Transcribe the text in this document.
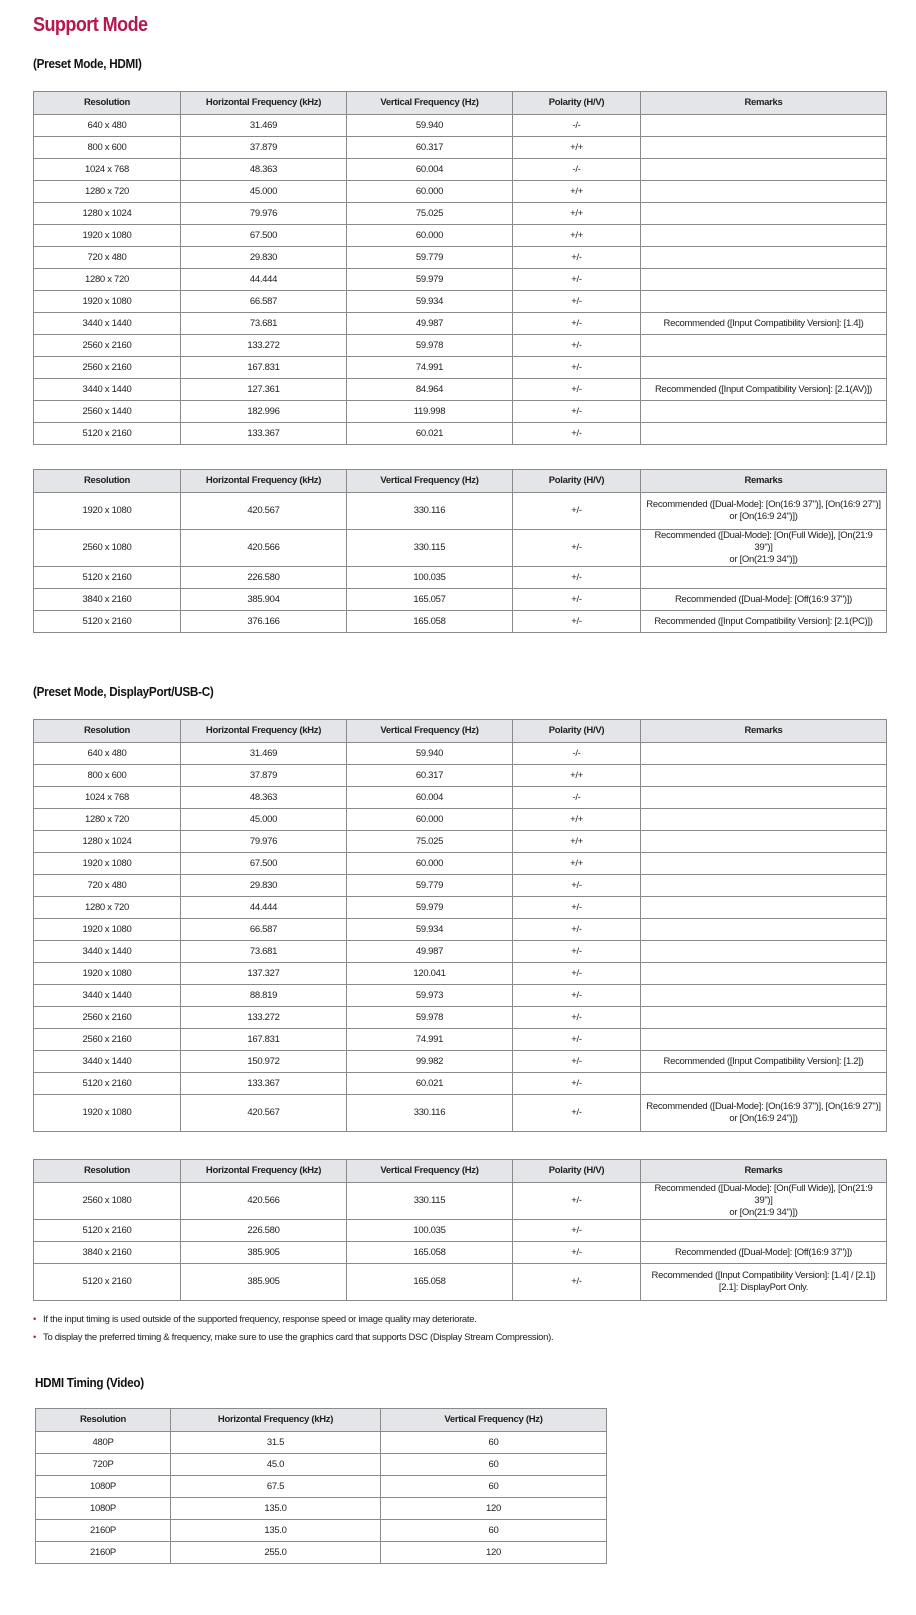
Support Mode
(Preset Mode, HDMI)
Resolution	Horizontal Frequency (kHz)	Vertical Frequency (Hz)	Polarity (H/V)	Remarks
640 x 480	31.469	59.940	-/-	

800 x 600	37.879	60.317	+/+	

1024 x 768	48.363	60.004	-/-	

1280 x 720	45.000	60.000	+/+	

1280 x 1024	79.976	75.025	+/+	

1920 x 1080	67.500	60.000	+/+	

720 x 480	29.830	59.779	+/-	

1280 x 720	44.444	59.979	+/-	

1920 x 1080	66.587	59.934	+/-	

3440 x 1440	73.681	49.987	+/-	Recommended ([Input Compatibility Version]: [1.4])

2560 x 2160	133.272	59.978	+/-	

2560 x 2160	167.831	74.991	+/-	

3440 x 1440	127.361	84.964	+/-	Recommended ([Input Compatibility Version]: [2.1(AV)])

2560 x 1440	182.996	119.998	+/-	

5120 x 2160	133.367	60.021	+/-	
Resolution	Horizontal Frequency (kHz)	Vertical Frequency (Hz)	Polarity (H/V)	Remarks
1920 x 1080	420.567	330.116	+/-	Recommended ([Dual-Mode]: [On(16:9 37")], [On(16:9 27")]
or [On(16:9 24")])

2560 x 1080	420.566	330.115	+/-	Recommended ([Dual-Mode]: [On(Full Wide)], [On(21:9 39")]
or [On(21:9 34")])

5120 x 2160	226.580	100.035	+/-	

3840 x 2160	385.904	165.057	+/-	Recommended ([Dual-Mode]: [Off(16:9 37")])

5120 x 2160	376.166	165.058	+/-	Recommended ([Input Compatibility Version]: [2.1(PC)])
(Preset Mode, DisplayPort/USB-C)
Resolution	Horizontal Frequency (kHz)	Vertical Frequency (Hz)	Polarity (H/V)	Remarks
640 x 480	31.469	59.940	-/-	

800 x 600	37.879	60.317	+/+	

1024 x 768	48.363	60.004	-/-	

1280 x 720	45.000	60.000	+/+	

1280 x 1024	79.976	75.025	+/+	

1920 x 1080	67.500	60.000	+/+	

720 x 480	29.830	59.779	+/-	

1280 x 720	44.444	59.979	+/-	

1920 x 1080	66.587	59.934	+/-	

3440 x 1440	73.681	49.987	+/-	

1920 x 1080	137.327	120.041	+/-	

3440 x 1440	88.819	59.973	+/-	

2560 x 2160	133.272	59.978	+/-	

2560 x 2160	167.831	74.991	+/-	

3440 x 1440	150.972	99.982	+/-	Recommended ([Input Compatibility Version]: [1.2])

5120 x 2160	133.367	60.021	+/-	

1920 x 1080	420.567	330.116	+/-	Recommended ([Dual-Mode]: [On(16:9 37")], [On(16:9 27")]
or [On(16:9 24")])
Resolution	Horizontal Frequency (kHz)	Vertical Frequency (Hz)	Polarity (H/V)	Remarks
2560 x 1080	420.566	330.115	+/-	Recommended ([Dual-Mode]: [On(Full Wide)], [On(21:9 39")]
or [On(21:9 34")])

5120 x 2160	226.580	100.035	+/-	

3840 x 2160	385.905	165.058	+/-	Recommended ([Dual-Mode]: [Off(16:9 37")])

5120 x 2160	385.905	165.058	+/-	Recommended ([Input Compatibility Version]: [1.4] / [2.1])
[2.1]: DisplayPort Only.
• If the input timing is used outside of the supported frequency, response speed or image quality may deteriorate.
• To display the preferred timing & frequency, make sure to use the graphics card that supports DSC (Display Stream Compression).
HDMI Timing (Video)
Resolution	Horizontal Frequency (kHz)	Vertical Frequency (Hz)
480P	31.5	60
720P	45.0	60
1080P	67.5	60
1080P	135.0	120
2160P	135.0	60
2160P	255.0	120
